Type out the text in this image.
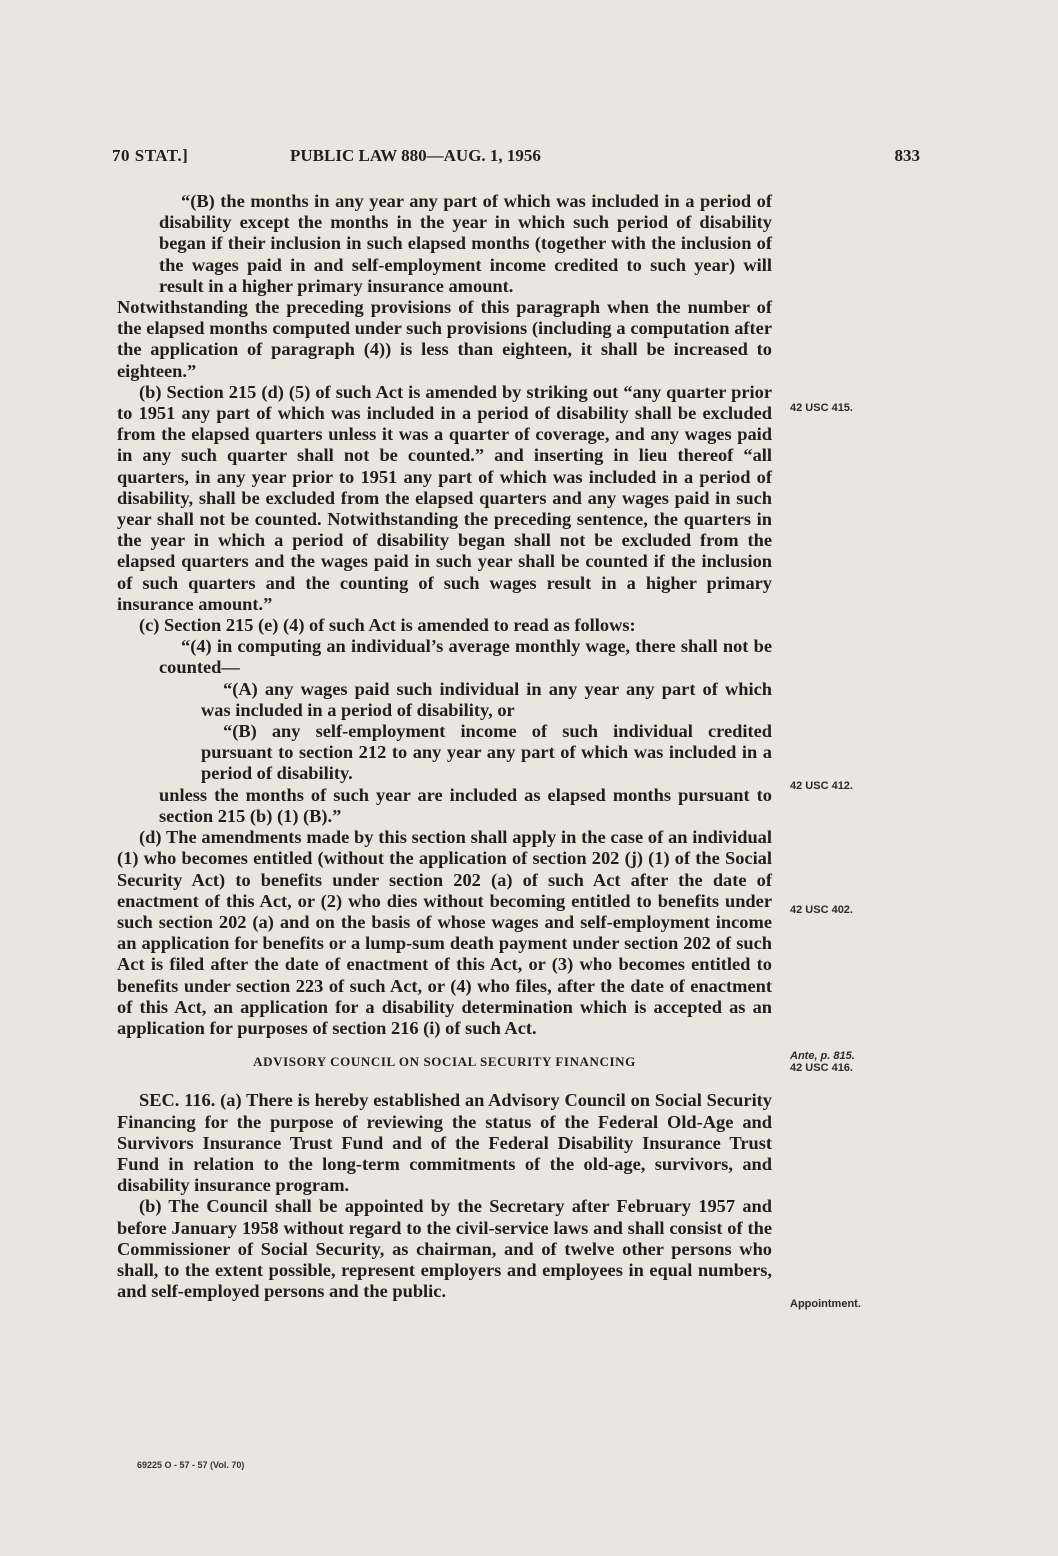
70 STAT.]	PUBLIC LAW 880—AUG. 1, 1956	833

“(B) the months in any year any part of which was included in a period of disability except the months in the year in which such period of disability began if their inclusion in such elapsed months (together with the inclusion of the wages paid in and self-employment income credited to such year) will result in a higher primary insurance amount.

Notwithstanding the preceding provisions of this paragraph when the number of the elapsed months computed under such provisions (including a computation after the application of paragraph (4)) is less than eighteen, it shall be increased to eighteen.”

(b) Section 215 (d) (5) of such Act is amended by striking out “any quarter prior to 1951 any part of which was included in a period of disability shall be excluded from the elapsed quarters unless it was a quarter of coverage, and any wages paid in any such quarter shall not be counted.” and inserting in lieu thereof “all quarters, in any year prior to 1951 any part of which was included in a period of disability, shall be excluded from the elapsed quarters and any wages paid in such year shall not be counted. Notwithstanding the preceding sentence, the quarters in the year in which a period of disability began shall not be excluded from the elapsed quarters and the wages paid in such year shall be counted if the inclusion of such quarters and the counting of such wages result in a higher primary insurance amount.”

(c) Section 215 (e) (4) of such Act is amended to read as follows:

“(4) in computing an individual’s average monthly wage, there shall not be counted—

“(A) any wages paid such individual in any year any part of which was included in a period of disability, or

“(B) any self-employment income of such individual credited pursuant to section 212 to any year any part of which was included in a period of disability.

unless the months of such year are included as elapsed months pursuant to section 215 (b) (1) (B).”

(d) The amendments made by this section shall apply in the case of an individual (1) who becomes entitled (without the application of section 202 (j) (1) of the Social Security Act) to benefits under section 202 (a) of such Act after the date of enactment of this Act, or (2) who dies without becoming entitled to benefits under such section 202 (a) and on the basis of whose wages and self-employment income an application for benefits or a lump-sum death payment under section 202 of such Act is filed after the date of enactment of this Act, or (3) who becomes entitled to benefits under section 223 of such Act, or (4) who files, after the date of enactment of this Act, an application for a disability determination which is accepted as an application for purposes of section 216 (i) of such Act.

ADVISORY COUNCIL ON SOCIAL SECURITY FINANCING

SEC. 116. (a) There is hereby established an Advisory Council on Social Security Financing for the purpose of reviewing the status of the Federal Old-Age and Survivors Insurance Trust Fund and of the Federal Disability Insurance Trust Fund in relation to the long-term commitments of the old-age, survivors, and disability insurance program.

(b) The Council shall be appointed by the Secretary after February 1957 and before January 1958 without regard to the civil-service laws and shall consist of the Commissioner of Social Security, as chairman, and of twelve other persons who shall, to the extent possible, represent employers and employees in equal numbers, and self-employed persons and the public.

42 USC 415.
42 USC 412.
42 USC 402.
Ante, p. 815.
42 USC 416.
Appointment.
69225 O - 57 - 57 (Vol. 70)
